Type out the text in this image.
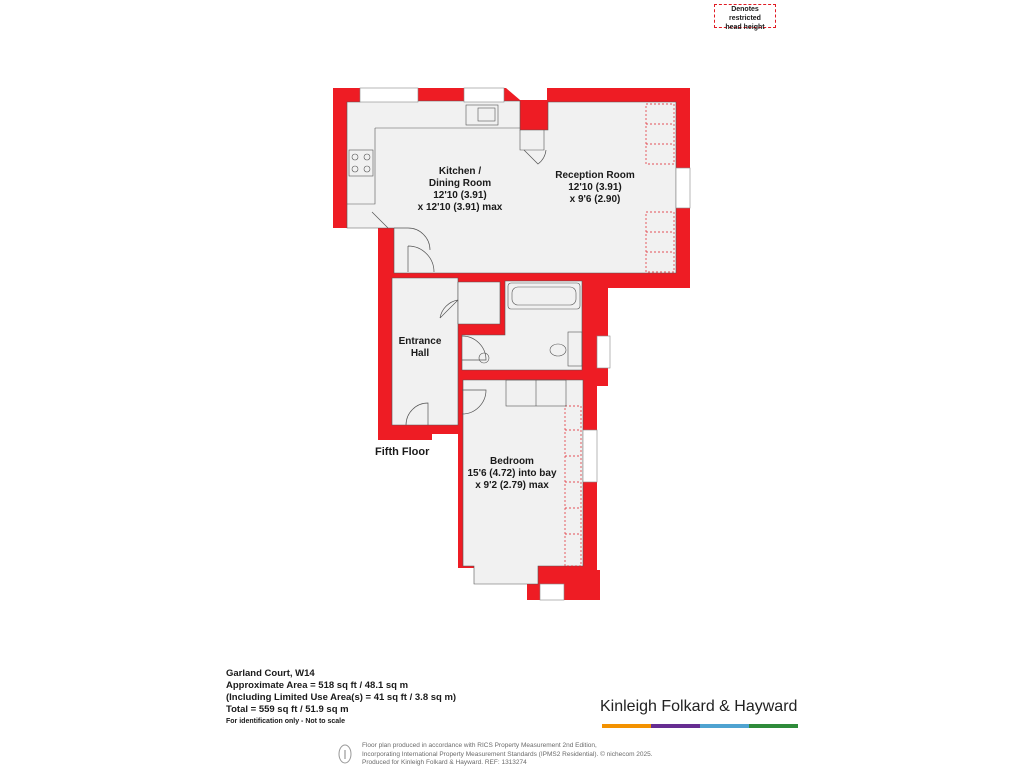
Denotes restricted
head height
Kitchen /
Dining Room
12'10 (3.91)
x 12'10 (3.91) max
Reception Room
12'10 (3.91)
x 9'6 (2.90)
Entrance
Hall
Bedroom
15'6 (4.72) into bay
x 9'2 (2.79) max
Fifth Floor
Garland Court, W14
Approximate Area = 518 sq ft / 48.1 sq m
(Including Limited Use Area(s) = 41 sq ft / 3.8 sq m)
Total = 559 sq ft / 51.9 sq m
For identification only - Not to scale
Kinleigh Folkard & Hayward
Floor plan produced in accordance with RICS Property Measurement 2nd Edition,
Incorporating International Property Measurement Standards (IPMS2 Residential). © nichecom 2025.
Produced for Kinleigh Folkard & Hayward. REF: 1313274
